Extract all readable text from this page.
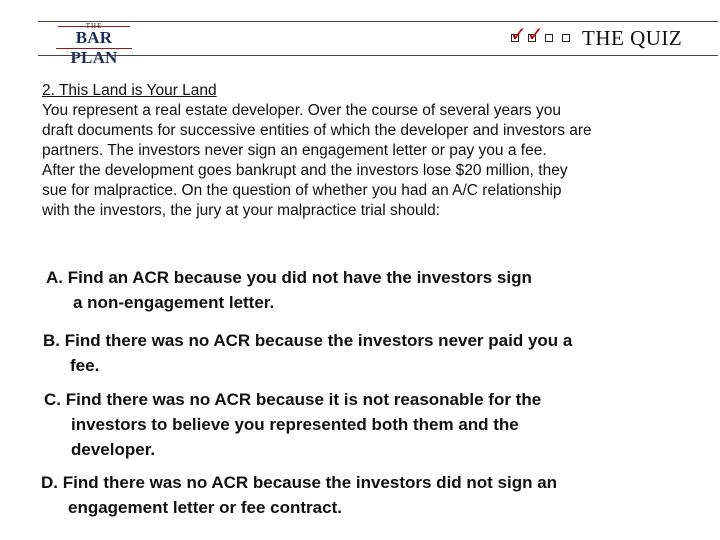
THE
BAR PLAN
✓ ✓ THE QUIZ
2. This Land is Your Land
You represent a real estate developer. Over the course of several years you
draft documents for successive entities of which the developer and investors are
partners. The investors never sign an engagement letter or pay you a fee.
After the development goes bankrupt and the investors lose $20 million, they
sue for malpractice. On the question of whether you had an A/C relationship
with the investors, the jury at your malpractice trial should:
A. Find an ACR because you did not have the investors sign
a non-engagement letter.
B. Find there was no ACR because the investors never paid you a
fee.
C. Find there was no ACR because it is not reasonable for the
investors to believe you represented both them and the
developer.
D. Find there was no ACR because the investors did not sign an
engagement letter or fee contract.
